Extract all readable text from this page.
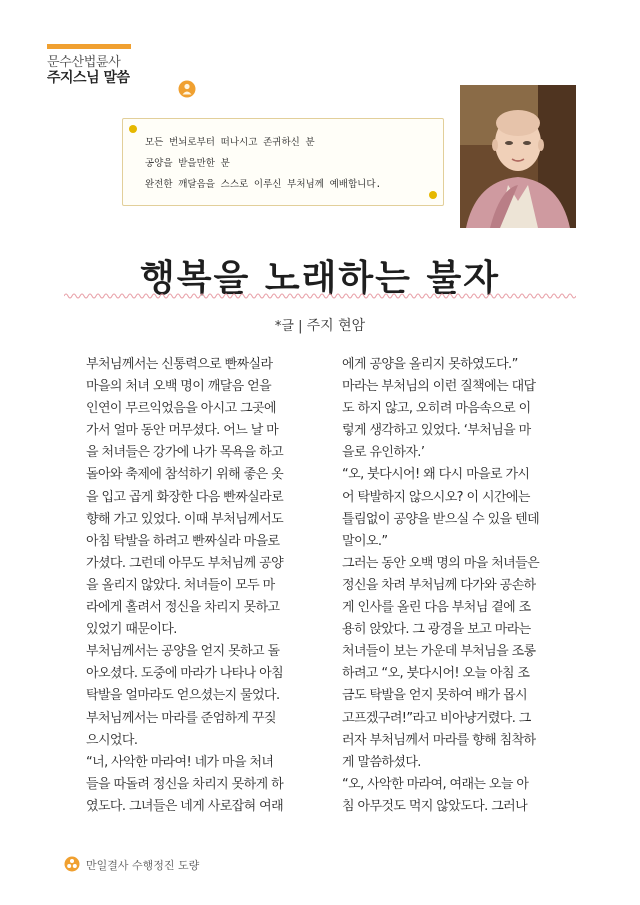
문수산법륜사
주지스님 말씀
모든 번뇌로부터 떠나시고 존귀하신 분
공양을 받을만한 분
완전한 깨달음을 스스로 이루신 부처님께 예배합니다.
행복을 노래하는 불자
*글 | 주지 현암
부처님께서는 신통력으로 빤짜실라
마을의 처녀 오백 명이 깨달음 얻을
인연이 무르익었음을 아시고 그곳에
가서 얼마 동안 머무셨다. 어느 날 마
을 처녀들은 강가에 나가 목욕을 하고
돌아와 축제에 참석하기 위해 좋은 옷
을 입고 곱게 화장한 다음 빤짜실라로
향해 가고 있었다. 이때 부처님께서도
아침 탁발을 하려고 빤짜실라 마을로
가셨다. 그런데 아무도 부처님께 공양
을 올리지 않았다. 처녀들이 모두 마
라에게 홀려서 정신을 차리지 못하고
있었기 때문이다.
부처님께서는 공양을 얻지 못하고 돌
아오셨다. 도중에 마라가 나타나 아침
탁발을 얼마라도 얻으셨는지 물었다.
부처님께서는 마라를 준엄하게 꾸짖
으시었다.
“너, 사악한 마라여! 네가 마을 처녀
들을 따돌려 정신을 차리지 못하게 하
였도다. 그녀들은 네게 사로잡혀 여래
에게 공양을 올리지 못하였도다.”
마라는 부처님의 이런 질책에는 대답
도 하지 않고, 오히려 마음속으로 이
렇게 생각하고 있었다. ‘부처님을 마
을로 유인하자.’
“오, 붓다시어! 왜 다시 마을로 가시
어 탁발하지 않으시오? 이 시간에는
틀림없이 공양을 받으실 수 있을 텐데
말이오.”
그러는 동안 오백 명의 마을 처녀들은
정신을 차려 부처님께 다가와 공손하
게 인사를 올린 다음 부처님 곁에 조
용히 앉았다. 그 광경을 보고 마라는
처녀들이 보는 가운데 부처님을 조롱
하려고 “오, 붓다시어! 오늘 아침 조
금도 탁발을 얻지 못하여 배가 몹시
고프겠구려!”라고 비아냥거렸다. 그
러자 부처님께서 마라를 향해 침착하
게 말씀하셨다.
“오, 사악한 마라여, 여래는 오늘 아
침 아무것도 먹지 않았도다. 그러나
만일결사 수행정진 도량
